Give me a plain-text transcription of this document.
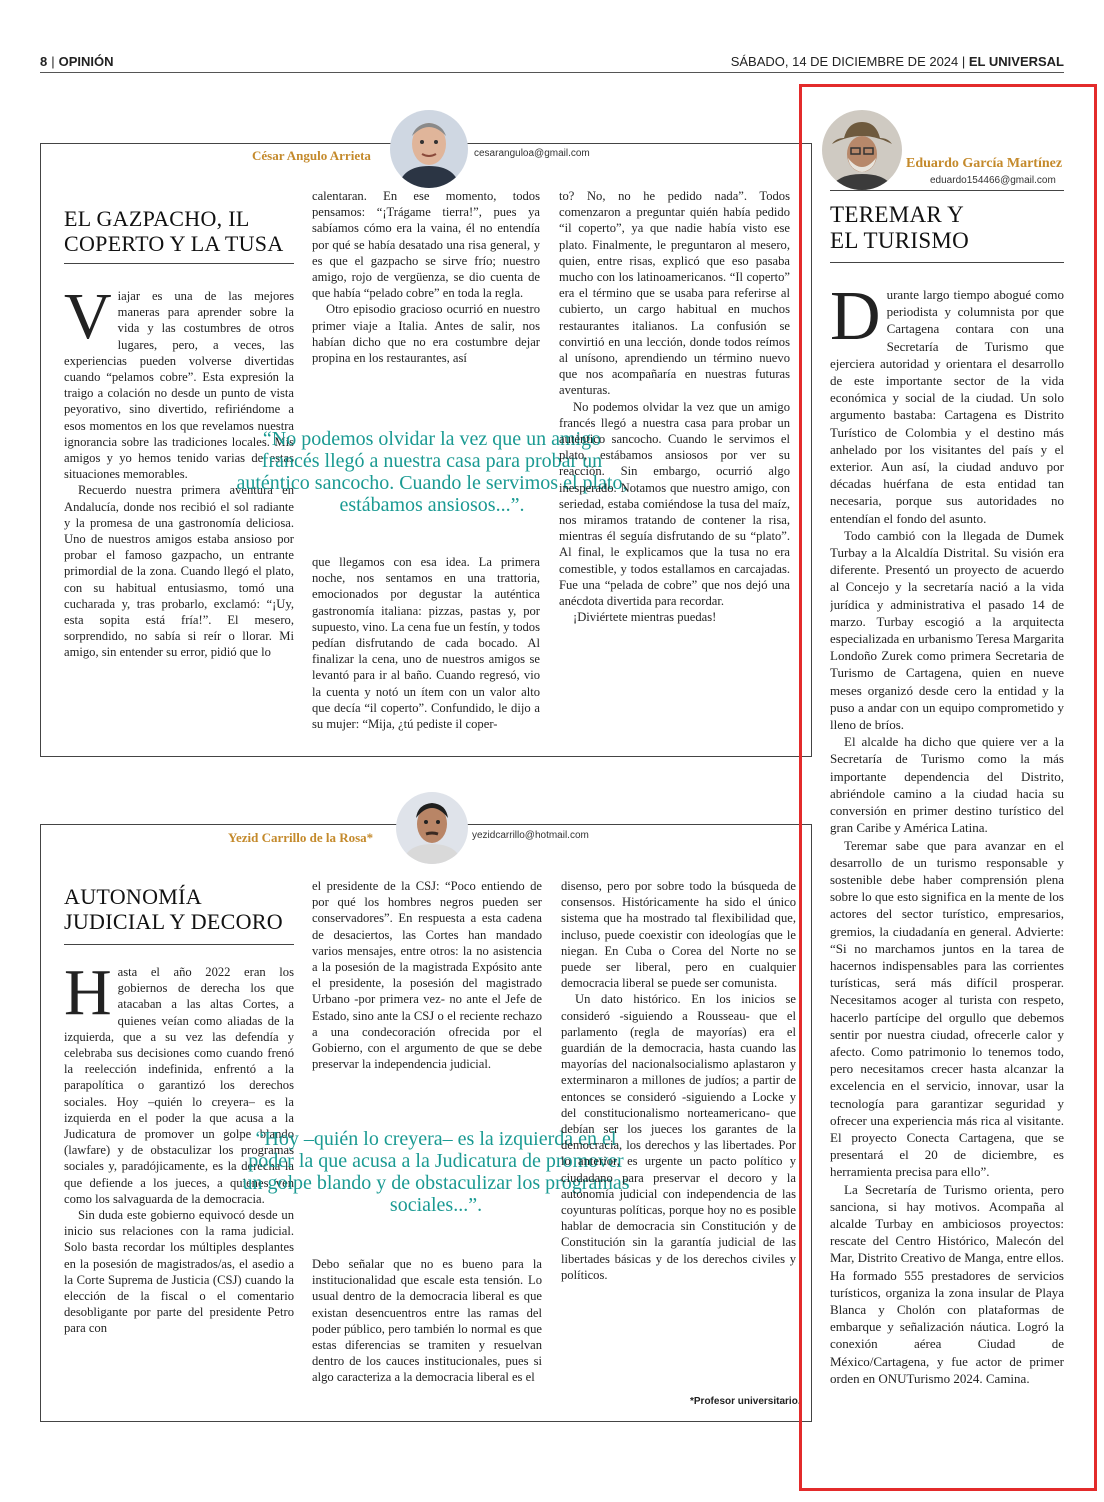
8 | OPINIÓN	SÁBADO, 14 DE DICIEMBRE DE 2024 | EL UNIVERSAL
César Angulo Arrieta	cesaranguloa@gmail.com
EL GAZPACHO, IL
COPERTO Y LA TUSA
V iajar es una de las mejores maneras para aprender sobre la vida y las costumbres de otros lugares, pero, a veces, las experiencias pueden volverse divertidas cuando “pelamos cobre”. Esta expresión la traigo a colación no desde un punto de vista peyorativo, sino divertido, refiriéndome a esos momentos en los que revelamos nuestra ignorancia sobre las tradiciones locales. Mis amigos y yo hemos tenido varias de estas situaciones memorables.

Recuerdo nuestra primera aventura en Andalucía, donde nos recibió el sol radiante y la promesa de una gastronomía deliciosa. Uno de nuestros amigos estaba ansioso por probar el famoso gazpacho, un entrante primordial de la zona. Cuando llegó el plato, con su habitual entusiasmo, tomó una cucharada y, tras probarlo, exclamó: “¡Uy, esta sopita está fría!”. El mesero, sorprendido, no sabía si reír o llorar. Mi amigo, sin entender su error, pidió que lo

calentaran. En ese momento, todos pensamos: “¡Trágame tierra!”, pues ya sabíamos cómo era la vaina, él no entendía por qué se había desatado una risa general, y es que el gazpacho se sirve frío; nuestro amigo, rojo de vergüenza, se dio cuenta de que había “pelado cobre” en toda la regla.

Otro episodio gracioso ocurrió en nuestro primer viaje a Italia. Antes de salir, nos habían dicho que no era costumbre dejar propina en los restaurantes, así

“No podemos olvidar la vez que un amigo francés llegó a nuestra casa para probar un auténtico sancocho. Cuando le servimos el plato, estábamos ansiosos...”.

que llegamos con esa idea. La primera noche, nos sentamos en una trattoria, emocionados por degustar la auténtica gastronomía italiana: pizzas, pastas y, por supuesto, vino. La cena fue un festín, y todos pedían disfrutando de cada bocado. Al finalizar la cena, uno de nuestros amigos se levantó para ir al baño. Cuando regresó, vio la cuenta y notó un ítem con un valor alto que decía “il coperto”. Confundido, le dijo a su mujer: “Mija, ¿tú pediste il coper-

to? No, no he pedido nada”. Todos comenzaron a preguntar quién había pedido “il coperto”, ya que nadie había visto ese plato. Finalmente, le preguntaron al mesero, quien, entre risas, explicó que eso pasaba mucho con los latinoamericanos. “Il coperto” era el término que se usaba para referirse al cubierto, un cargo habitual en muchos restaurantes italianos. La confusión se convirtió en una lección, donde todos reímos al unísono, aprendiendo un término nuevo que nos acompañaría en nuestras futuras aventuras.

No podemos olvidar la vez que un amigo francés llegó a nuestra casa para probar un auténtico sancocho. Cuando le servimos el plato, estábamos ansiosos por ver su reacción. Sin embargo, ocurrió algo inesperado. Notamos que nuestro amigo, con seriedad, estaba comiéndose la tusa del maíz, nos miramos tratando de contener la risa, mientras él seguía disfrutando de su “plato”. Al final, le explicamos que la tusa no era comestible, y todos estallamos en carcajadas. Fue una “pelada de cobre” que nos dejó una anécdota divertida para recordar.

¡Diviértete mientras puedas!

Yezid Carrillo de la Rosa*	yezidcarrillo@hotmail.com
AUTONOMÍA
JUDICIAL Y DECORO
H asta el año 2022 eran los gobiernos de derecha los que atacaban a las altas Cortes, a quienes veían como aliadas de la izquierda, que a su vez las defendía y celebraba sus decisiones como cuando frenó la reelección indefinida, enfrentó a la parapolítica o garantizó los derechos sociales. Hoy –quién lo creyera– es la izquierda en el poder la que acusa a la Judicatura de promover un golpe blando (lawfare) y de obstaculizar los programas sociales y, paradójicamente, es la derecha la que defiende a los jueces, a quienes ven como los salvaguarda de la democracia.

Sin duda este gobierno equivocó desde un inicio sus relaciones con la rama judicial. Solo basta recordar los múltiples desplantes en la posesión de magistrados/as, el asedio a la Corte Suprema de Justicia (CSJ) cuando la elección de la fiscal o el comentario desobligante por parte del presidente Petro para con

el presidente de la CSJ: “Poco entiendo de por qué los hombres negros pueden ser conservadores”. En respuesta a esta cadena de desaciertos, las Cortes han mandado varios mensajes, entre otros: la no asistencia a la posesión de la magistrada Expósito ante el presidente, la posesión del magistrado Urbano -por primera vez- no ante el Jefe de Estado, sino ante la CSJ o el reciente rechazo a una condecoración ofrecida por el Gobierno, con el argumento de que se debe preservar la independencia judicial.

“Hoy –quién lo creyera– es la izquierda en el poder la que acusa a la Judicatura de promover un golpe blando y de obstaculizar los programas sociales...”.

Debo señalar que no es bueno para la institucionalidad que escale esta tensión. Lo usual dentro de la democracia liberal es que existan desencuentros entre las ramas del poder público, pero también lo normal es que estas diferencias se tramiten y resuelvan dentro de los cauces institucionales, pues si algo caracteriza a la democracia liberal es el

disenso, pero por sobre todo la búsqueda de consensos. Históricamente ha sido el único sistema que ha mostrado tal flexibilidad que, incluso, puede coexistir con ideologías que le niegan. En Cuba o Corea del Norte no se puede ser liberal, pero en cualquier democracia liberal se puede ser comunista.

Un dato histórico. En los inicios se consideró -siguiendo a Rousseau- que el parlamento (regla de mayorías) era el guardián de la democracia, hasta cuando las mayorías del nacionalsocialismo aplastaron y exterminaron a millones de judíos; a partir de entonces se consideró -siguiendo a Locke y del constitucionalismo norteamericano- que debían ser los jueces los garantes de la democracia, los derechos y las libertades. Por lo anterior, es urgente un pacto político y ciudadano para preservar el decoro y la autonomía judicial con independencia de las coyunturas políticas, porque hoy no es posible hablar de democracia sin Constitución y de Constitución sin la garantía judicial de las libertades básicas y de los derechos civiles y políticos.

*Profesor universitario.
Eduardo García Martínez
eduardo154466@gmail.com
TEREMAR Y
EL TURISMO
D urante largo tiempo abogué como periodista y columnista por que Cartagena contara con una Secretaría de Turismo que ejerciera autoridad y orientara el desarrollo de este importante sector de la vida económica y social de la ciudad. Un solo argumento bastaba: Cartagena es Distrito Turístico de Colombia y el destino más anhelado por los visitantes del país y el exterior. Aun así, la ciudad anduvo por décadas huérfana de esta entidad tan necesaria, porque sus autoridades no entendían el fondo del asunto.

Todo cambió con la llegada de Dumek Turbay a la Alcaldía Distrital. Su visión era diferente. Presentó un proyecto de acuerdo al Concejo y la secretaría nació a la vida jurídica y administrativa el pasado 14 de marzo. Turbay escogió a la arquitecta especializada en urbanismo Teresa Margarita Londoño Zurek como primera Secretaria de Turismo de Cartagena, quien en nueve meses organizó desde cero la entidad y la puso a andar con un equipo comprometido y lleno de bríos.

El alcalde ha dicho que quiere ver a la Secretaría de Turismo como la más importante dependencia del Distrito, abriéndole camino a la ciudad hacia su conversión en primer destino turístico del gran Caribe y América Latina.

Teremar sabe que para avanzar en el desarrollo de un turismo responsable y sostenible debe haber comprensión plena sobre lo que esto significa en la mente de los actores del sector turístico, empresarios, gremios, la ciudadanía en general. Advierte: “Si no marchamos juntos en la tarea de hacernos indispensables para las corrientes turísticas, será más difícil prosperar. Necesitamos acoger al turista con respeto, hacerlo partícipe del orgullo que debemos sentir por nuestra ciudad, ofrecerle calor y afecto. Como patrimonio lo tenemos todo, pero necesitamos crecer hasta alcanzar la excelencia en el servicio, innovar, usar la tecnología para garantizar seguridad y ofrecer una experiencia más rica al visitante. El proyecto Conecta Cartagena, que se presentará el 20 de diciembre, es herramienta precisa para ello”.

La Secretaría de Turismo orienta, pero sanciona, si hay motivos. Acompaña al alcalde Turbay en ambiciosos proyectos: rescate del Centro Histórico, Malecón del Mar, Distrito Creativo de Manga, entre ellos. Ha formado 555 prestadores de servicios turísticos, organiza la zona insular de Playa Blanca y Cholón con plataformas de embarque y señalización náutica. Logró la conexión aérea Ciudad de México/Cartagena, y fue actor de primer orden en ONUTurismo 2024. Camina.
